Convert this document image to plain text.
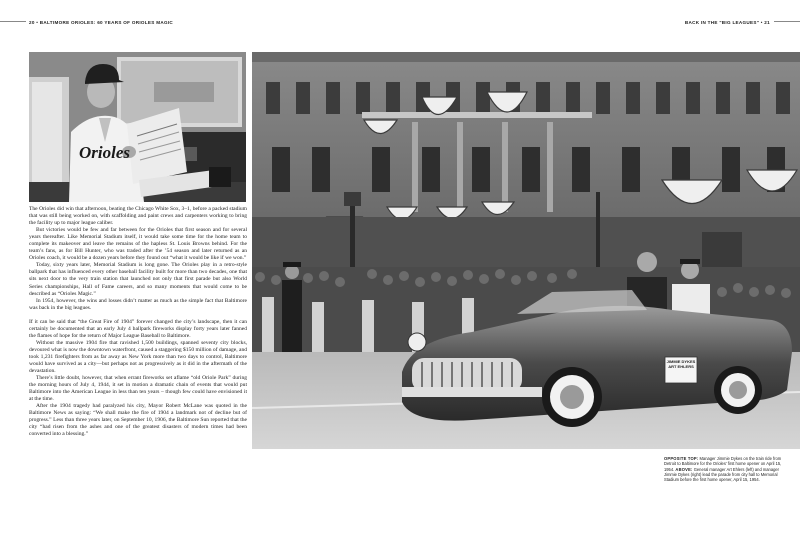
20 • BALTIMORE ORIOLES: 60 YEARS OF ORIOLES MAGIC	BACK IN THE "BIG LEAGUES" • 21
Orioles
JIMMIE DYKES ART EHLERS

The Orioles did win that afternoon, beating the Chicago White Sox, 3–1, before a packed stadium that was still being worked on, with scaffolding and paint crews and carpenters working to bring the facility up to major league caliber.

But victories would be few and far between for the Orioles that first season and for several years thereafter. Like Memorial Stadium itself, it would take some time for the home team to complete its makeover and leave the remains of the hapless St. Louis Browns behind. For the team’s fans, as for Bill Hunter, who was traded after the ’54 season and later returned as an Orioles coach, it would be a dozen years before they found out “what it would be like if we won.”

Today, sixty years later, Memorial Stadium is long gone. The Orioles play in a retro-style ballpark that has influenced every other baseball facility built for more than two decades, one that sits next door to the very train station that launched not only that first parade but also World Series championships, Hall of Fame careers, and so many moments that would come to be described as “Orioles Magic.”

In 1954, however, the wins and losses didn’t matter as much as the simple fact that Baltimore was back in the big leagues.

If it can be said that “the Great Fire of 1904” forever changed the city’s landscape, then it can certainly be documented that an early July 4 ballpark fireworks display forty years later fanned the flames of hope for the return of Major League Baseball to Baltimore.

Without the massive 1904 fire that ravished 1,500 buildings, spanned seventy city blocks, devoured what is now the downtown waterfront, caused a staggering $150 million of damage, and took 1,231 firefighters from as far away as New York more than two days to control, Baltimore would have survived as a city—but perhaps not as progressively as it did in the aftermath of the devastation.

There’s little doubt, however, that when errant fireworks set aflame “old Oriole Park” during the morning hours of July 4, 1944, it set in motion a dramatic chain of events that would put Baltimore into the American League in less than ten years – though few could have envisioned it at the time.

After the 1904 tragedy had paralyzed his city, Mayor Robert McLane was quoted in the Baltimore News as saying: “We shall make the fire of 1904 a landmark not of decline but of progress.” Less than three years later, on September 10, 1906, the Baltimore Sun reported that the city “had risen from the ashes and one of the greatest disasters of modern times had been converted into a blessing.”

OPPOSITE TOP: Manager Jimmie Dykes on the train ride from Detroit to Baltimore for the Orioles’ first home opener on April 15, 1954. ABOVE: General manager Art Ehlers (left) and manager Jimmie Dykes (right) lead the parade from city hall to Memorial Stadium before the first home opener, April 15, 1954.
